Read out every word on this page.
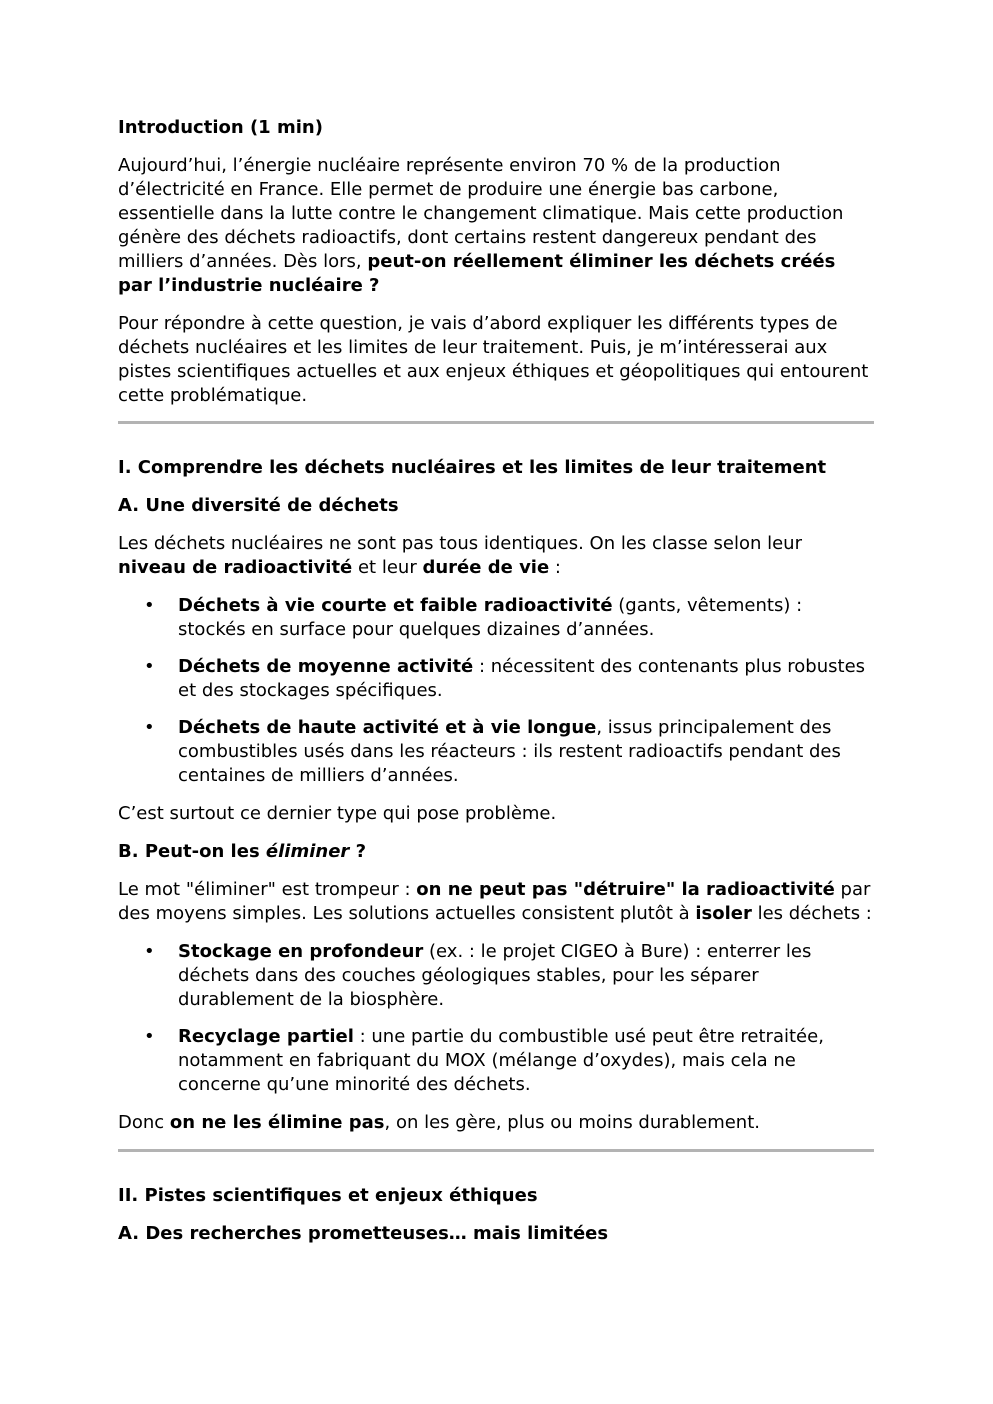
Introduction (1 min)

Aujourd’hui, l’énergie nucléaire représente environ 70 % de la production d’électricité en France. Elle permet de produire une énergie bas carbone, essentielle dans la lutte contre le changement climatique. Mais cette production génère des déchets radioactifs, dont certains restent dangereux pendant des milliers d’années. Dès lors, peut-on réellement éliminer les déchets créés par l’industrie nucléaire ?

Pour répondre à cette question, je vais d’abord expliquer les différents types de déchets nucléaires et les limites de leur traitement. Puis, je m’intéresserai aux pistes scientifiques actuelles et aux enjeux éthiques et géopolitiques qui entourent cette problématique.

I. Comprendre les déchets nucléaires et les limites de leur traitement
A. Une diversité de déchets

Les déchets nucléaires ne sont pas tous identiques. On les classe selon leur niveau de radioactivité et leur durée de vie :

• Déchets à vie courte et faible radioactivité (gants, vêtements) : stockés en surface pour quelques dizaines d’années.
• Déchets de moyenne activité : nécessitent des contenants plus robustes et des stockages spécifiques.
• Déchets de haute activité et à vie longue, issus principalement des combustibles usés dans les réacteurs : ils restent radioactifs pendant des centaines de milliers d’années.

C’est surtout ce dernier type qui pose problème.

B. Peut-on les éliminer ?

Le mot "éliminer" est trompeur : on ne peut pas "détruire" la radioactivité par des moyens simples. Les solutions actuelles consistent plutôt à isoler les déchets :

• Stockage en profondeur (ex. : le projet CIGEO à Bure) : enterrer les déchets dans des couches géologiques stables, pour les séparer durablement de la biosphère.
• Recyclage partiel : une partie du combustible usé peut être retraitée, notamment en fabriquant du MOX (mélange d’oxydes), mais cela ne concerne qu’une minorité des déchets.

Donc on ne les élimine pas, on les gère, plus ou moins durablement.

II. Pistes scientifiques et enjeux éthiques
A. Des recherches prometteuses… mais limitées
